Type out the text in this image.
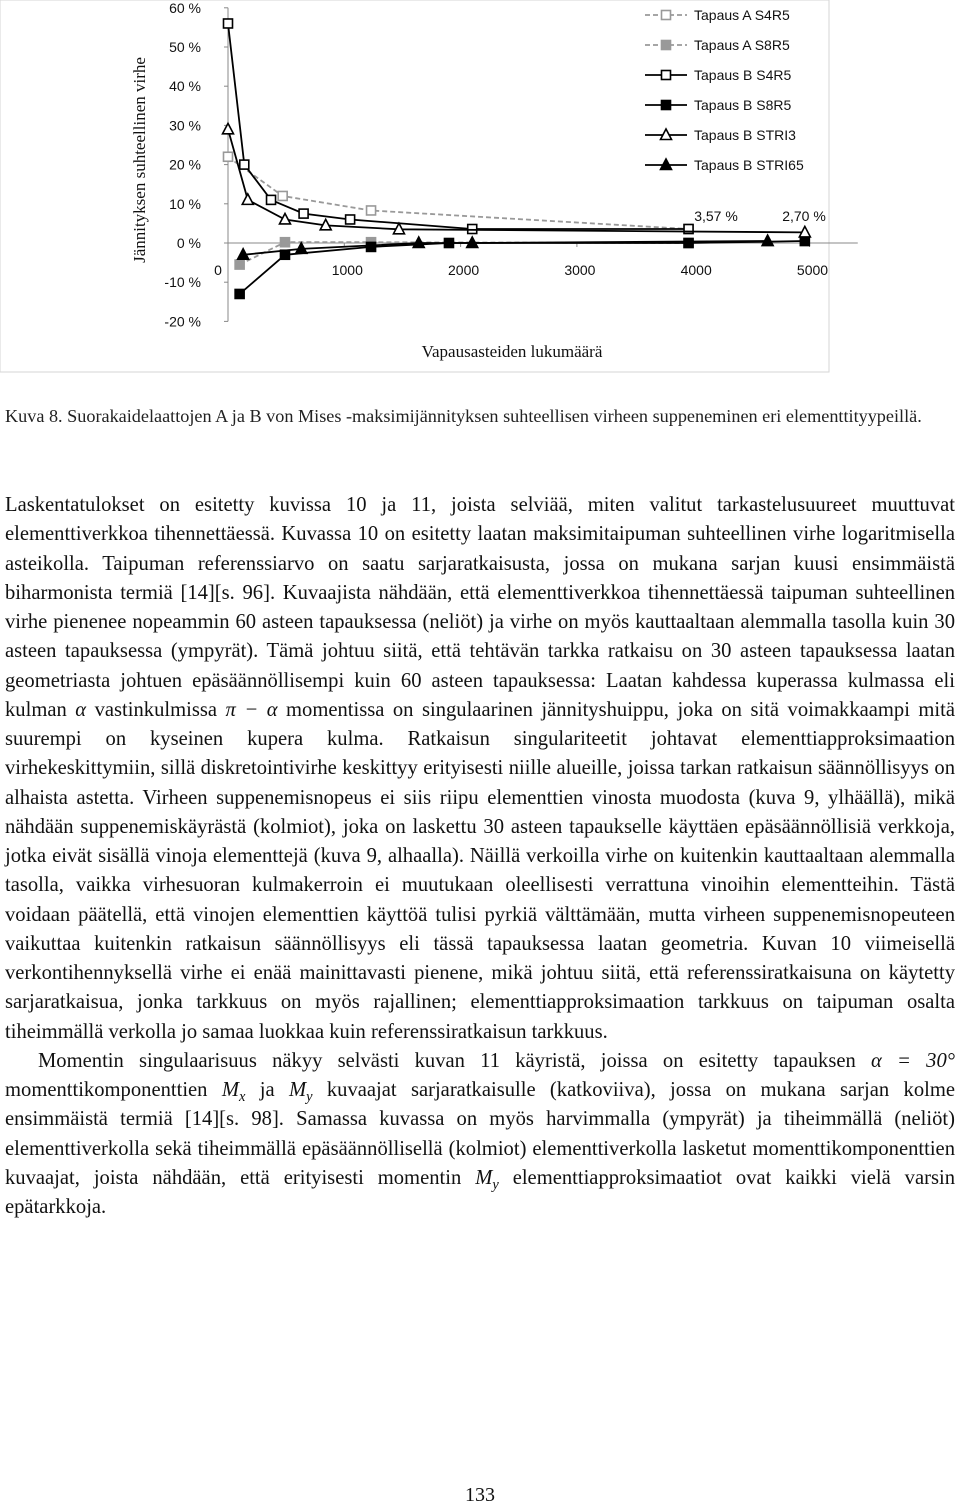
60 %
50 %
40 %
30 %
20 %
10 %
0 %
-10 %
-20 %
0	1000	2000	3000	4000	5000
Tapaus A S4R5
Tapaus A S8R5
Tapaus B S4R5
Tapaus B S8R5
Tapaus B STRI3
Tapaus B STRI65
Jännityksen suhteellinen virhe
Vapausasteiden lukumäärä
3,57 %	2,70 %
Kuva 8. Suorakaidelaattojen A ja B von Mises -maksimijännityksen suhteellisen virheen suppeneminen eri elementtityypeillä.

Laskentatulokset on esitetty kuvissa 10 ja 11, joista selviää, miten valitut tarkastelusuureet muuttuvat elementtiverkkoa tihennettäessä. Kuvassa 10 on esitetty laatan maksimitaipuman suhteellinen virhe logaritmisella asteikolla. Taipuman referenssiarvo on saatu sarjaratkaisusta, jossa on mukana sarjan kuusi ensimmäistä biharmonista termiä [14][s. 96]. Kuvaajista nähdään, että elementtiverkkoa tihennettäessä taipuman suhteellinen virhe pienenee nopeammin 60 asteen tapauksessa (neliöt) ja virhe on myös kauttaaltaan alemmalla tasolla kuin 30 asteen tapauksessa (ympyrät). Tämä johtuu siitä, että tehtävän tarkka ratkaisu on 30 asteen tapauksessa laatan geometriasta johtuen epäsäännöllisempi kuin 60 asteen tapauksessa: Laatan kahdessa kuperassa kulmassa eli kulman α vastinkulmissa π − α momentissa on singulaarinen jännityshuippu, joka on sitä voimakkaampi mitä suurempi on kyseinen kupera kulma. Ratkaisun singulariteetit johtavat elementtiapproksimaation virhekeskittymiin, sillä diskretointivirhe keskittyy erityisesti niille alueille, joissa tarkan ratkaisun säännöllisyys on alhaista astetta. Virheen suppenemisnopeus ei siis riipu elementtien vinosta muodosta (kuva 9, ylhäällä), mikä nähdään suppenemiskäyrästä (kolmiot), joka on laskettu 30 asteen tapaukselle käyttäen epäsäännöllisiä verkkoja, jotka eivät sisällä vinoja elementtejä (kuva 9, alhaalla). Näillä verkoilla virhe on kuitenkin kauttaaltaan alemmalla tasolla, vaikka virhesuoran kulmakerroin ei muutukaan oleellisesti verrattuna vinoihin elementteihin. Tästä voidaan päätellä, että vinojen elementtien käyttöä tulisi pyrkiä välttämään, mutta virheen suppenemisnopeuteen vaikuttaa kuitenkin ratkaisun säännöllisyys eli tässä tapauksessa laatan geometria. Kuvan 10 viimeisellä verkontihennyksellä virhe ei enää mainittavasti pienene, mikä johtuu siitä, että referenssiratkaisuna on käytetty sarjaratkaisua, jonka tarkkuus on myös rajallinen; elementtiapproksimaation tarkkuus on taipuman osalta tiheimmällä verkolla jo samaa luokkaa kuin referenssiratkaisun tarkkuus.

Momentin singulaarisuus näkyy selvästi kuvan 11 käyristä, joissa on esitetty tapauksen α = 30° momenttikomponenttien $M_x$ ja $M_y$ kuvaajat sarjaratkaisulle (katkoviiva), jossa on mukana sarjan kolme ensimmäistä termiä [14][s. 98]. Samassa kuvassa on myös harvimmalla (ympyrät) ja tiheimmällä (neliöt) elementtiverkolla sekä tiheimmällä epäsäännöllisellä (kolmiot) elementtiverkolla lasketut momenttikomponenttien kuvaajat, joista nähdään, että erityisesti momentin $M_y$ elementtiapproksimaatiot ovat kaikki vielä varsin epätarkkoja.

133
